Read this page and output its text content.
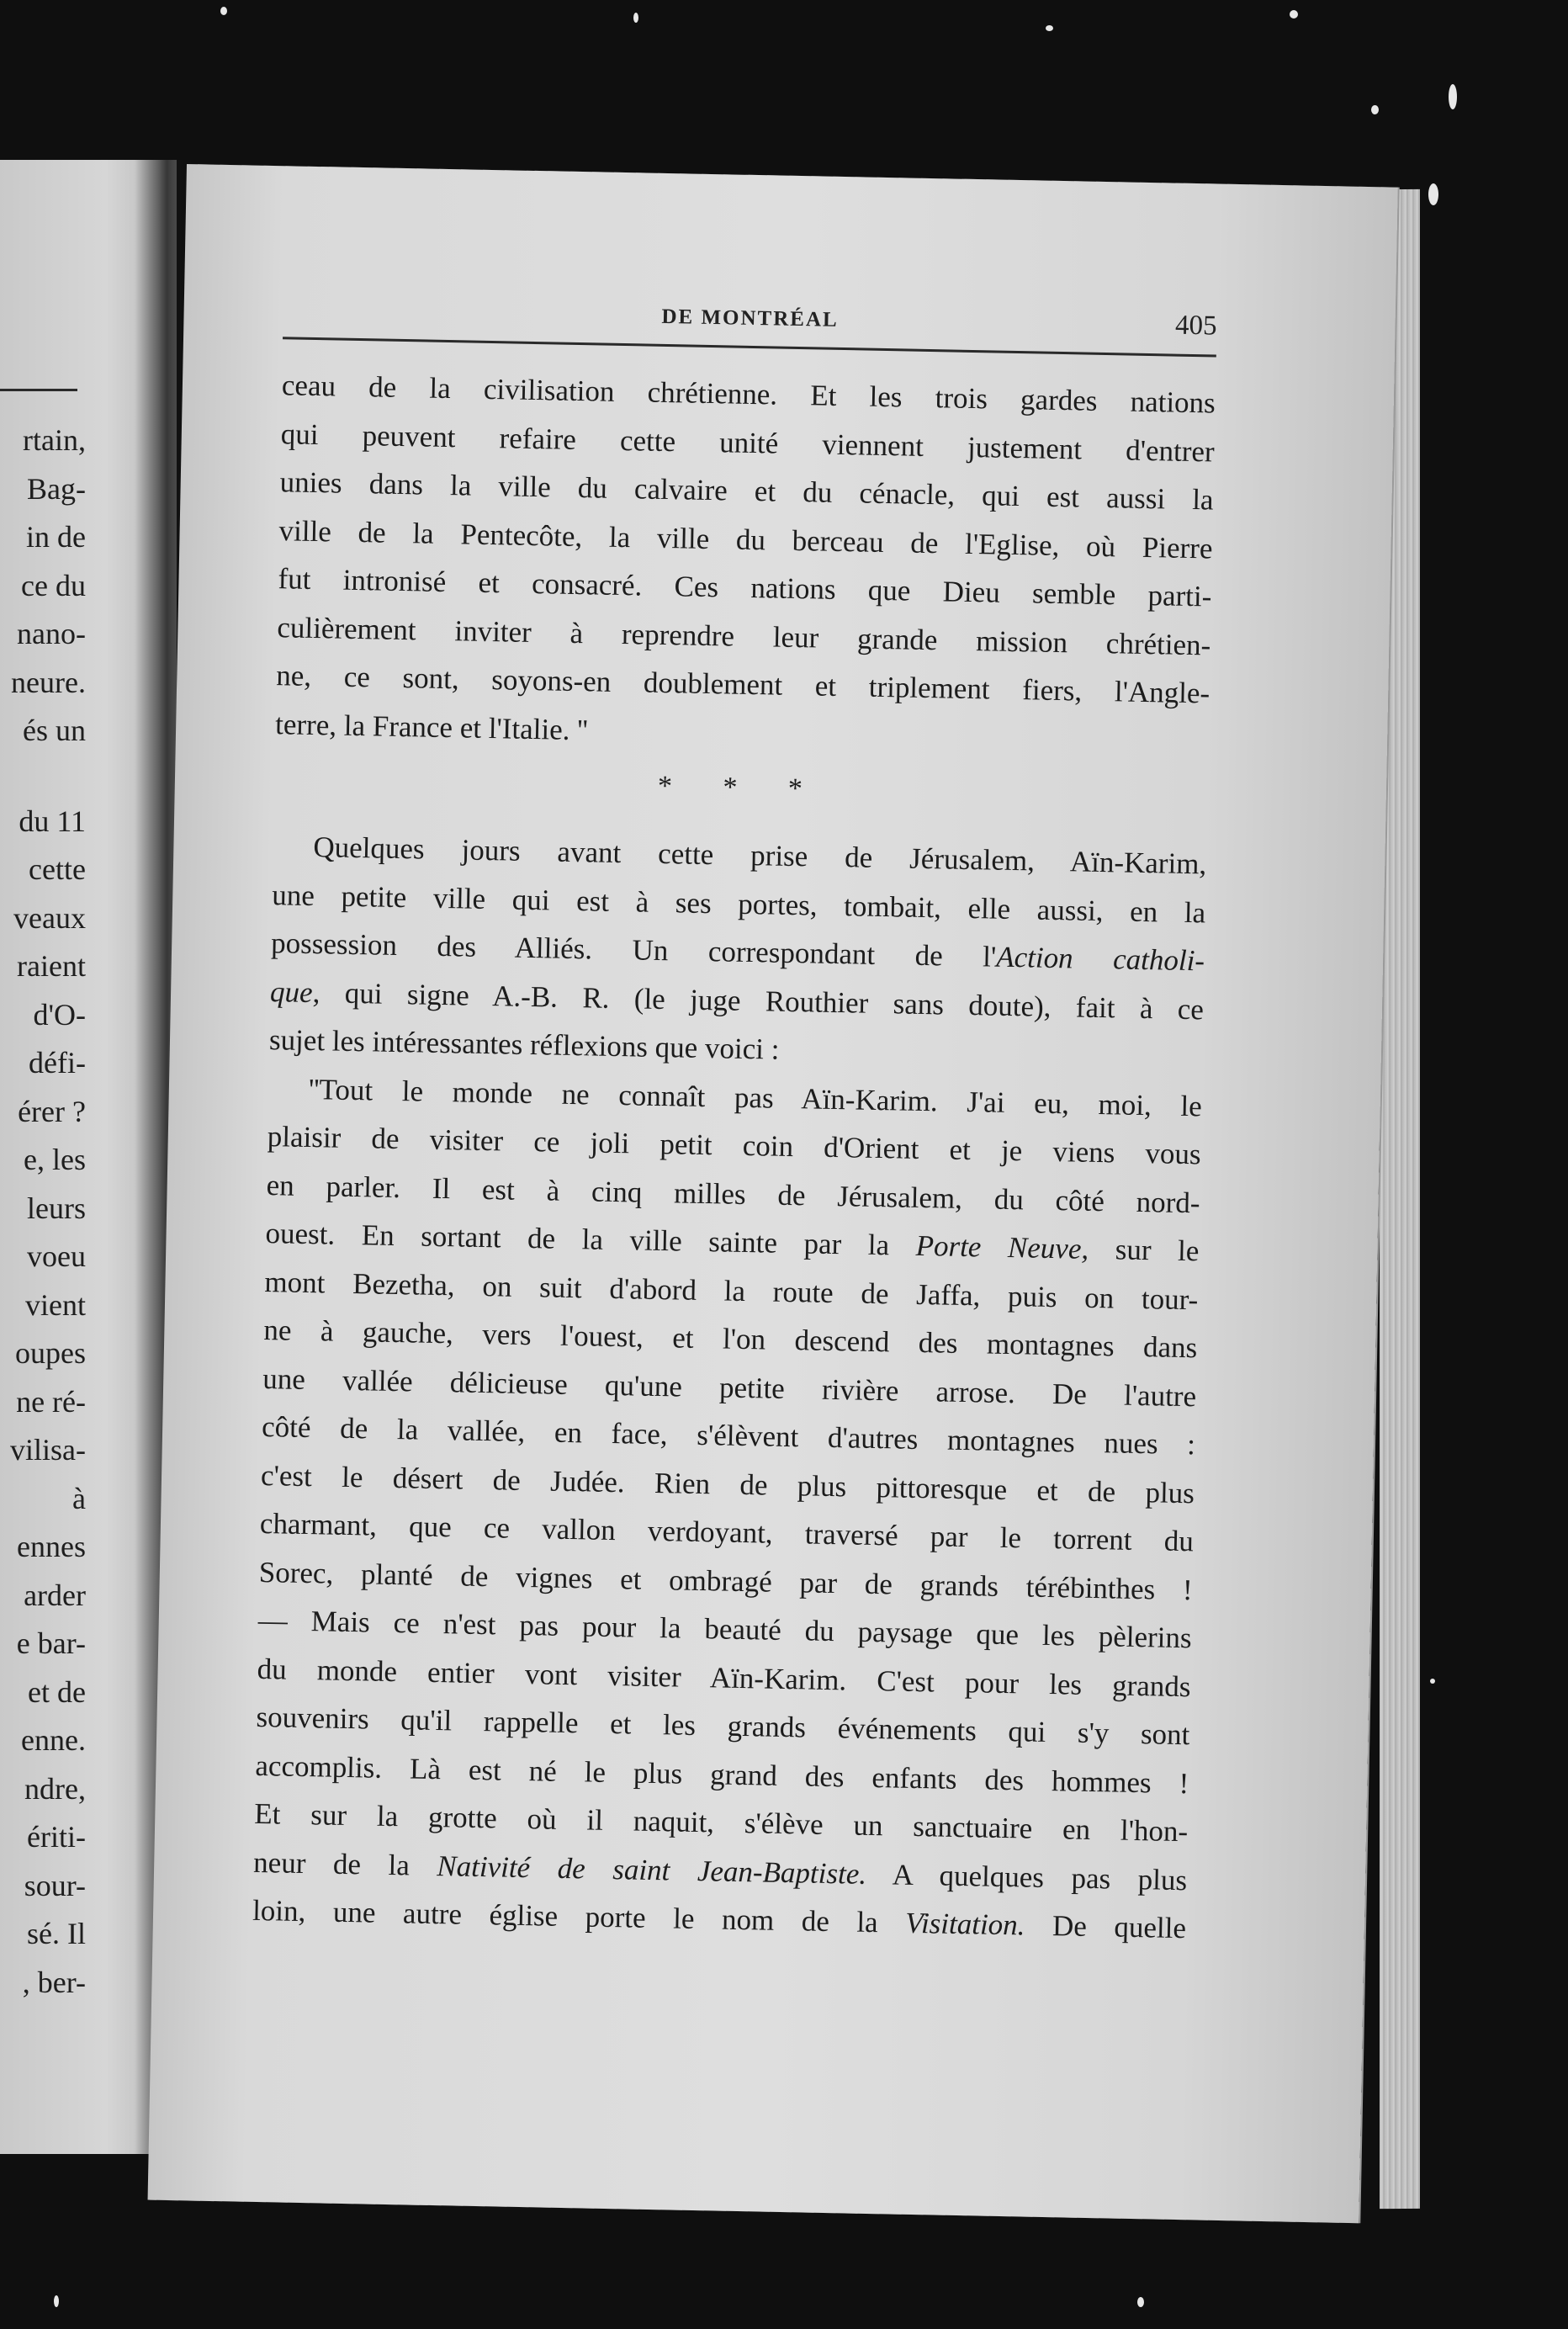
rtain,
Bag-
in de
ce du
nano-
neure.
és un
du 11
cette
veaux
raient
d'O-
défi-
érer ?
e, les
leurs
voeu
vient
oupes
ne ré-
vilisa-
à
ennes
arder
e bar-
et de
enne.
ndre,
ériti-
sour-
sé. Il
, ber-
DE MONTRÉAL	405

ceau de la civilisation chrétienne. Et les trois gardes nations

qui peuvent refaire cette unité viennent justement d'entrer

unies dans la ville du calvaire et du cénacle, qui est aussi la

ville de la Pentecôte, la ville du berceau de l'Eglise, où Pierre

fut intronisé et consacré. Ces nations que Dieu semble parti-

culièrement inviter à reprendre leur grande mission chrétien-

ne, ce sont, soyons-en doublement et triplement fiers, l'Angle-

terre, la France et l'Italie. ''

* * *

Quelques jours avant cette prise de Jérusalem, Aïn-Karim,

une petite ville qui est à ses portes, tombait, elle aussi, en la

possession des Alliés. Un correspondant de l'Action catholi-

que, qui signe A.-B. R. (le juge Routhier sans doute), fait à ce

sujet les intéressantes réflexions que voici :

''Tout le monde ne connaît pas Aïn-Karim. J'ai eu, moi, le

plaisir de visiter ce joli petit coin d'Orient et je viens vous

en parler. Il est à cinq milles de Jérusalem, du côté nord-

ouest. En sortant de la ville sainte par la Porte Neuve, sur le

mont Bezetha, on suit d'abord la route de Jaffa, puis on tour-

ne à gauche, vers l'ouest, et l'on descend des montagnes dans

une vallée délicieuse qu'une petite rivière arrose. De l'autre

côté de la vallée, en face, s'élèvent d'autres montagnes nues :

c'est le désert de Judée. Rien de plus pittoresque et de plus

charmant, que ce vallon verdoyant, traversé par le torrent du

Sorec, planté de vignes et ombragé par de grands térébinthes !

— Mais ce n'est pas pour la beauté du paysage que les pèlerins

du monde entier vont visiter Aïn-Karim. C'est pour les grands

souvenirs qu'il rappelle et les grands événements qui s'y sont

accomplis. Là est né le plus grand des enfants des hommes !

Et sur la grotte où il naquit, s'élève un sanctuaire en l'hon-

neur de la Nativité de saint Jean-Baptiste. A quelques pas plus

loin, une autre église porte le nom de la Visitation. De quelle
